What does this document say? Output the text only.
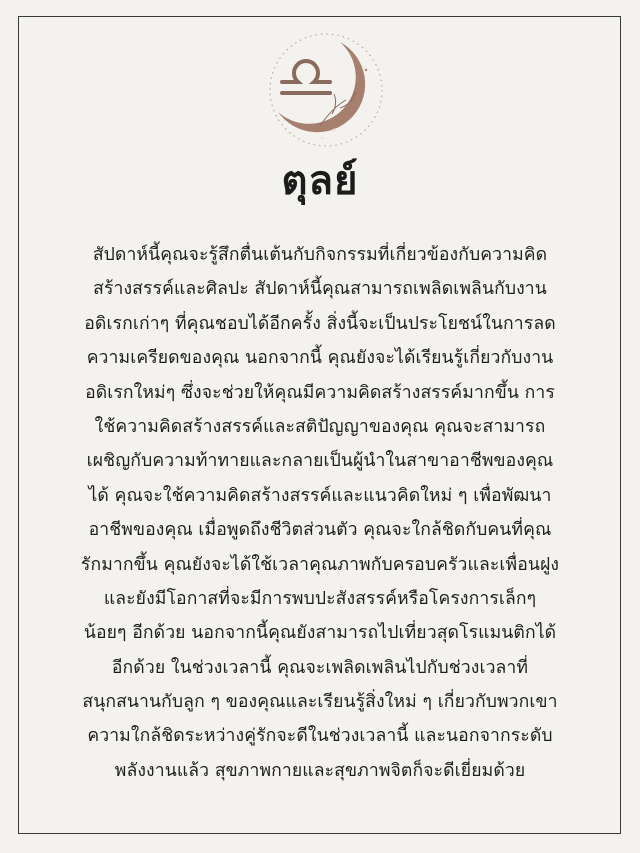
ตุลย์
สัปดาห์นี้คุณจะรู้สึกตื่นเต้นกับกิจกรรมที่เกี่ยวข้องกับความคิด
สร้างสรรค์และศิลปะ สัปดาห์นี้คุณสามารถเพลิดเพลินกับงาน
อดิเรกเก่าๆ ที่คุณชอบได้อีกครั้ง สิ่งนี้จะเป็นประโยชน์ในการลด
ความเครียดของคุณ นอกจากนี้ คุณยังจะได้เรียนรู้เกี่ยวกับงาน
อดิเรกใหม่ๆ ซึ่งจะช่วยให้คุณมีความคิดสร้างสรรค์มากขึ้น การ
ใช้ความคิดสร้างสรรค์และสติปัญญาของคุณ คุณจะสามารถ
เผชิญกับความท้าทายและกลายเป็นผู้นำในสาขาอาชีพของคุณ
ได้ คุณจะใช้ความคิดสร้างสรรค์และแนวคิดใหม่ ๆ เพื่อพัฒนา
อาชีพของคุณ เมื่อพูดถึงชีวิตส่วนตัว คุณจะใกล้ชิดกับคนที่คุณ
รักมากขึ้น คุณยังจะได้ใช้เวลาคุณภาพกับครอบครัวและเพื่อนฝูง
และยังมีโอกาสที่จะมีการพบปะสังสรรค์หรือโครงการเล็กๆ
น้อยๆ อีกด้วย นอกจากนี้คุณยังสามารถไปเที่ยวสุดโรแมนติกได้
อีกด้วย ในช่วงเวลานี้ คุณจะเพลิดเพลินไปกับช่วงเวลาที่
สนุกสนานกับลูก ๆ ของคุณและเรียนรู้สิ่งใหม่ ๆ เกี่ยวกับพวกเขา
ความใกล้ชิดระหว่างคู่รักจะดีในช่วงเวลานี้ และนอกจากระดับ
พลังงานแล้ว สุขภาพกายและสุขภาพจิตก็จะดีเยี่ยมด้วย
